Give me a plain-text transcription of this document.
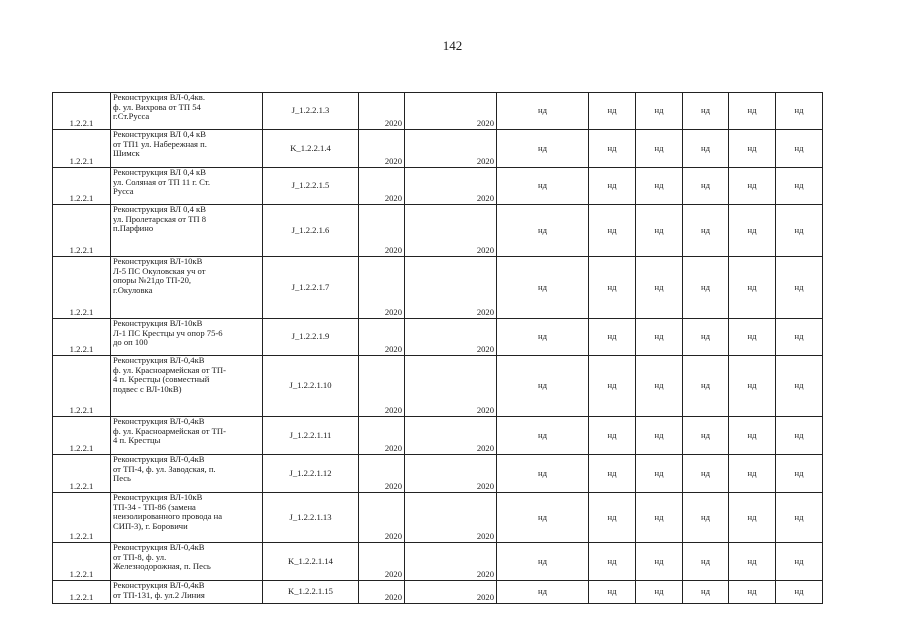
142
1.2.2.1	Реконструкция ВЛ-0,4кв.
ф. ул. Вихрова от ТП 54
г.Ст.Русса	J_1.2.2.1.3	2020	2020	нд	нд	нд	нд	нд	нд
1.2.2.1	Реконструкция ВЛ 0,4 кВ
от ТП1 ул. Набережная п.
Шимск	K_1.2.2.1.4	2020	2020	нд	нд	нд	нд	нд	нд
1.2.2.1	Реконструкция ВЛ 0,4 кВ
ул. Соляная от ТП 11 г. Ст.
Русса	J_1.2.2.1.5	2020	2020	нд	нд	нд	нд	нд	нд
1.2.2.1	Реконструкция ВЛ 0,4 кВ
ул. Пролетарская от ТП 8
п.Парфино	J_1.2.2.1.6	2020	2020	нд	нд	нд	нд	нд	нд
1.2.2.1	Реконструкция ВЛ-10кВ
Л-5 ПС Окуловская уч от
опоры №21до ТП-20,
г.Окуловка	J_1.2.2.1.7	2020	2020	нд	нд	нд	нд	нд	нд
1.2.2.1	Реконструкция ВЛ-10кВ
Л-1 ПС Крестцы уч опор 75-6
до оп 100	J_1.2.2.1.9	2020	2020	нд	нд	нд	нд	нд	нд
1.2.2.1	Реконструкция ВЛ-0,4кВ
ф. ул. Красноармейская от ТП-
4 п. Крестцы (совместный
подвес с ВЛ-10кВ)	J_1.2.2.1.10	2020	2020	нд	нд	нд	нд	нд	нд
1.2.2.1	Реконструкция ВЛ-0,4кВ
ф. ул. Красноармейская от ТП-
4 п. Крестцы	J_1.2.2.1.11	2020	2020	нд	нд	нд	нд	нд	нд
1.2.2.1	Реконструкция ВЛ-0,4кВ
от ТП-4, ф. ул. Заводская, п.
Песь	J_1.2.2.1.12	2020	2020	нд	нд	нд	нд	нд	нд
1.2.2.1	Реконструкция ВЛ-10кВ
ТП-34 - ТП-86 (замена
неизолированного провода на
СИП-3), г. Боровичи	J_1.2.2.1.13	2020	2020	нд	нд	нд	нд	нд	нд
1.2.2.1	Реконструкция ВЛ-0,4кВ
от ТП-8, ф. ул.
Железнодорожная, п. Песь	K_1.2.2.1.14	2020	2020	нд	нд	нд	нд	нд	нд
1.2.2.1	Реконструкция ВЛ-0,4кВ
от ТП-131, ф. ул.2 Линия	K_1.2.2.1.15	2020	2020	нд	нд	нд	нд	нд	нд
